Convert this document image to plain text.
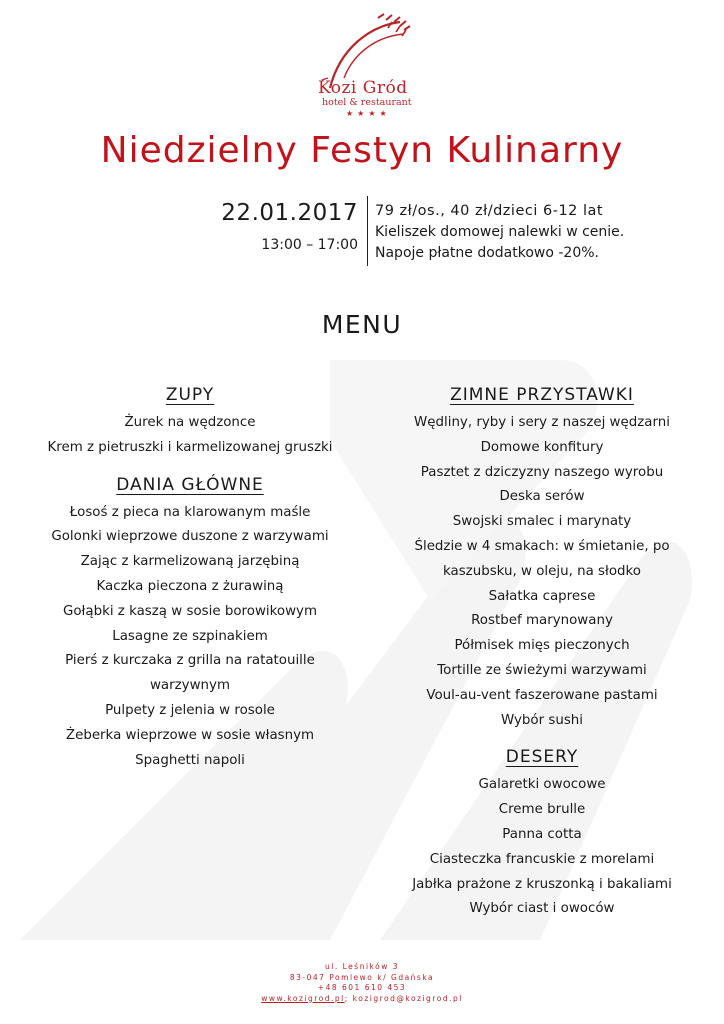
Kozi Gród
hotel & restaurant
★★★★
Niedzielny Festyn Kulinarny
22.01.2017
13:00 – 17:00
79 zł/os., 40 zł/dzieci 6-12 lat
Kieliszek domowej nalewki w cenie.
Napoje płatne dodatkowo -20%.
MENU
ZUPY
Żurek na wędzonce
Krem z pietruszki i karmelizowanej gruszki
DANIA GŁÓWNE
Łosoś z pieca na klarowanym maśle
Golonki wieprzowe duszone z warzywami
Zając z karmelizowaną jarzębiną
Kaczka pieczona z żurawiną
Gołąbki z kaszą w sosie borowikowym
Lasagne ze szpinakiem
Pierś z kurczaka z grilla na ratatouille
warzywnym
Pulpety z jelenia w rosole
Żeberka wieprzowe w sosie własnym
Spaghetti napoli
ZIMNE PRZYSTAWKI
Wędliny, ryby i sery z naszej wędzarni
Domowe konfitury
Pasztet z dziczyzny naszego wyrobu
Deska serów
Swojski smalec i marynaty
Śledzie w 4 smakach: w śmietanie, po
kaszubsku, w oleju, na słodko
Sałatka caprese
Rostbef marynowany
Półmisek mięs pieczonych
Tortille ze świeżymi warzywami
Voul-au-vent faszerowane pastami
Wybór sushi
DESERY
Galaretki owocowe
Creme brulle
Panna cotta
Ciasteczka francuskie z morelami
Jabłka prażone z kruszonką i bakaliami
Wybór ciast i owoców
ul. Leśników 3
83-047 Pomlewo k/ Gdańska
+48 601 610 453
www.kozigrod.pl; kozigrod@kozigrod.pl
